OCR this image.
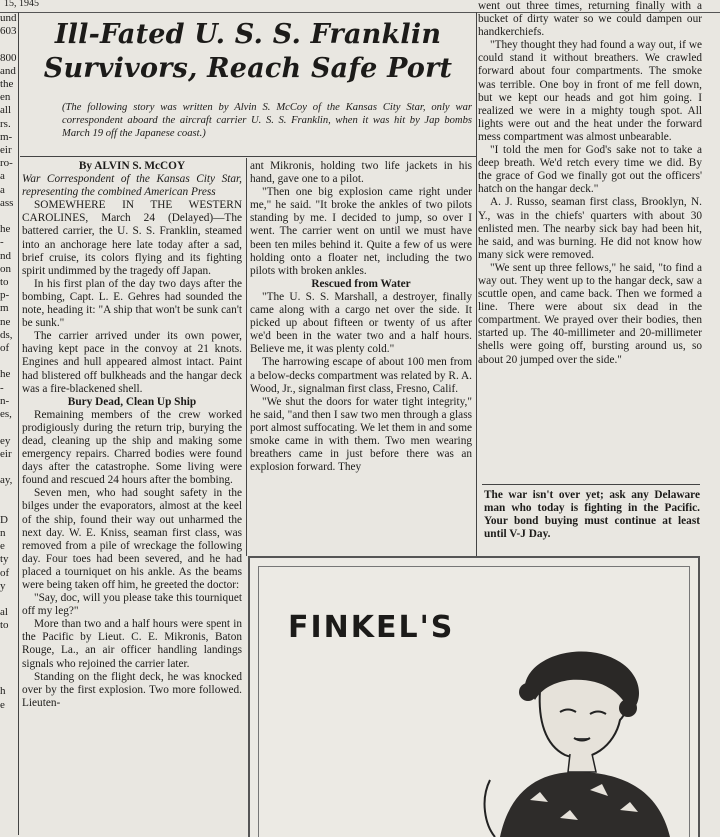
15, 1945
und
603

800
and
the
en
all
rs.
m-
eir
ro-
a
a
ass

he
-
nd
on
to
p-
m
ne
ds,
of

he
-
n-
es,

ey
eir

ay,

D
n
e
ty
of
y

al
to

h
e

Ill-Fated U. S. S. Franklin
Survivors, Reach Safe Port
(The following story was written by Alvin S. McCoy of the Kansas City Star, only war correspondent aboard the aircraft carrier U. S. S. Franklin, when it was hit by Jap bombs March 19 off the Japanese coast.)

By ALVIN S. McCOY

War Correspondent of the Kansas City Star, representing the combined American Press

SOMEWHERE IN THE WESTERN CAROLINES, March 24 (Delayed)—The battered carrier, the U. S. S. Franklin, steamed into an anchorage here late today after a sad, brief cruise, its colors flying and its fighting spirit undimmed by the tragedy off Japan.

In his first plan of the day two days after the bombing, Capt. L. E. Gehres had sounded the note, heading it: "A ship that won't be sunk can't be sunk."

The carrier arrived under its own power, having kept pace in the convoy at 21 knots. Engines and hull appeared almost intact. Paint had blistered off bulkheads and the hangar deck was a fire-blackened shell.

Bury Dead, Clean Up Ship

Remaining members of the crew worked prodigiously during the return trip, burying the dead, cleaning up the ship and making some emergency repairs. Charred bodies were found days after the catastrophe. Some living were found and rescued 24 hours after the bombing.

Seven men, who had sought safety in the bilges under the evaporators, almost at the keel of the ship, found their way out unharmed the next day. W. E. Kniss, seaman first class, was removed from a pile of wreckage the following day. Four toes had been severed, and he had placed a tourniquet on his ankle. As the beams were being taken off him, he greeted the doctor:

"Say, doc, will you please take this tourniquet off my leg?"

More than two and a half hours were spent in the Pacific by Lieut. C. E. Mikronis, Baton Rouge, La., an air officer handling landings signals who rejoined the carrier later.

Standing on the flight deck, he was knocked over by the first explosion. Two more followed. Lieuten-

ant Mikronis, holding two life jackets in his hand, gave one to a pilot.

"Then one big explosion came right under me," he said. "It broke the ankles of two pilots standing by me. I decided to jump, so over I went. The carrier went on until we must have been ten miles behind it. Quite a few of us were holding onto a floater net, including the two pilots with broken ankles.

Rescued from Water

"The U. S. S. Marshall, a destroyer, finally came along with a cargo net over the side. It picked up about fifteen or twenty of us after we'd been in the water two and a half hours. Believe me, it was plenty cold."

The harrowing escape of about 100 men from a below-decks compartment was related by R. A. Wood, Jr., signalman first class, Fresno, Calif.

"We shut the doors for water tight integrity," he said, "and then I saw two men through a glass port almost suffocating. We let them in and some smoke came in with them. Two men wearing breathers came in just before there was an explosion forward. They

went out three times, returning finally with a bucket of dirty water so we could dampen our handkerchiefs.

"They thought they had found a way out, if we could stand it without breathers. We crawled forward about four compartments. The smoke was terrible. One boy in front of me fell down, but we kept our heads and got him going. I realized we were in a mighty tough spot. All lights were out and the heat under the forward mess compartment was almost unbearable.

"I told the men for God's sake not to take a deep breath. We'd retch every time we did. By the grace of God we finally got out the officers' hatch on the hangar deck."

A. J. Russo, seaman first class, Brooklyn, N. Y., was in the chiefs' quarters with about 30 enlisted men. The nearby sick bay had been hit, he said, and was burning. He did not know how many sick were removed.

"We sent up three fellows," he said, "to find a way out. They went up to the hangar deck, saw a scuttle open, and came back. Then we formed a line. There were about six dead in the compartment. We prayed over their bodies, then started up. The 40-millimeter and 20-millimeter shells were going off, bursting around us, so about 20 jumped over the side."

The war isn't over yet; ask any Delaware man who today is fighting in the Pacific. Your bond buying must continue at least until V-J Day.
FINKEL'S
